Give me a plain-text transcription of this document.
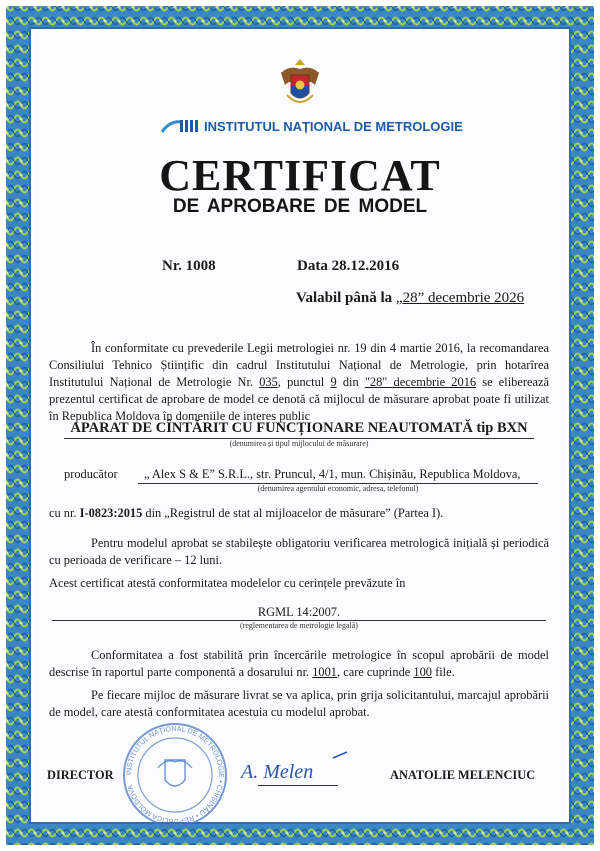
INSTITUTUL NAȚIONAL DE METROLOGIE
CERTIFICAT
DE APROBARE DE MODEL
Nr. 1008	Data 28.12.2016
Valabil până la „28” decembrie 2026
În conformitate cu prevederile Legii metrologiei nr. 19 din 4 martie 2016, la recomandarea Consiliului Tehnico Științific din cadrul Institutului Național de Metrologie, prin hotarîrea Institutului Național de Metrologie Nr. 035, punctul 9 din "28" decembrie 2016 se eliberează prezentul certificat de aprobare de model ce denotă că mijlocul de măsurare aprobat poate fi utilizat în Republica Moldova în domeniile de interes public
APARAT DE CÎNTĂRIT CU FUNCȚIONARE NEAUTOMATĂ tip BXN
(denumirea și tipul mijlocului de măsurare)
producător „ Alex S & E” S.R.L., str. Pruncul, 4/1, mun. Chișinău, Republica Moldova,
(denumirea agentului economic, adresa, telefonul)
cu nr. I-0823:2015 din „Registrul de stat al mijloacelor de măsurare” (Partea I).
Pentru modelul aprobat se stabilește obligatoriu verificarea metrologică inițială și periodică cu perioada de verificare – 12 luni.
Acest certificat atestă conformitatea modelelor cu cerințele prevăzute în
RGML 14:2007.
(reglementarea de metrologie legală)
Conformitatea a fost stabilită prin încercările metrologice în scopul aprobării de model descrise în raportul parte componentă a dosarului nr. 1001, care cuprinde 100 file.
Pe fiecare mijloc de măsurare livrat se va aplica, prin grija solicitantului, marcajul aprobării de model, care atestă conformitatea acestuia cu modelul aprobat.
INSTITUTUL NAȚIONAL DE METROLOGIE • CHIȘINĂU • REPUBLICA MOLDOVA
DIRECTOR	A. Melen	ANATOLIE MELENCIUC
